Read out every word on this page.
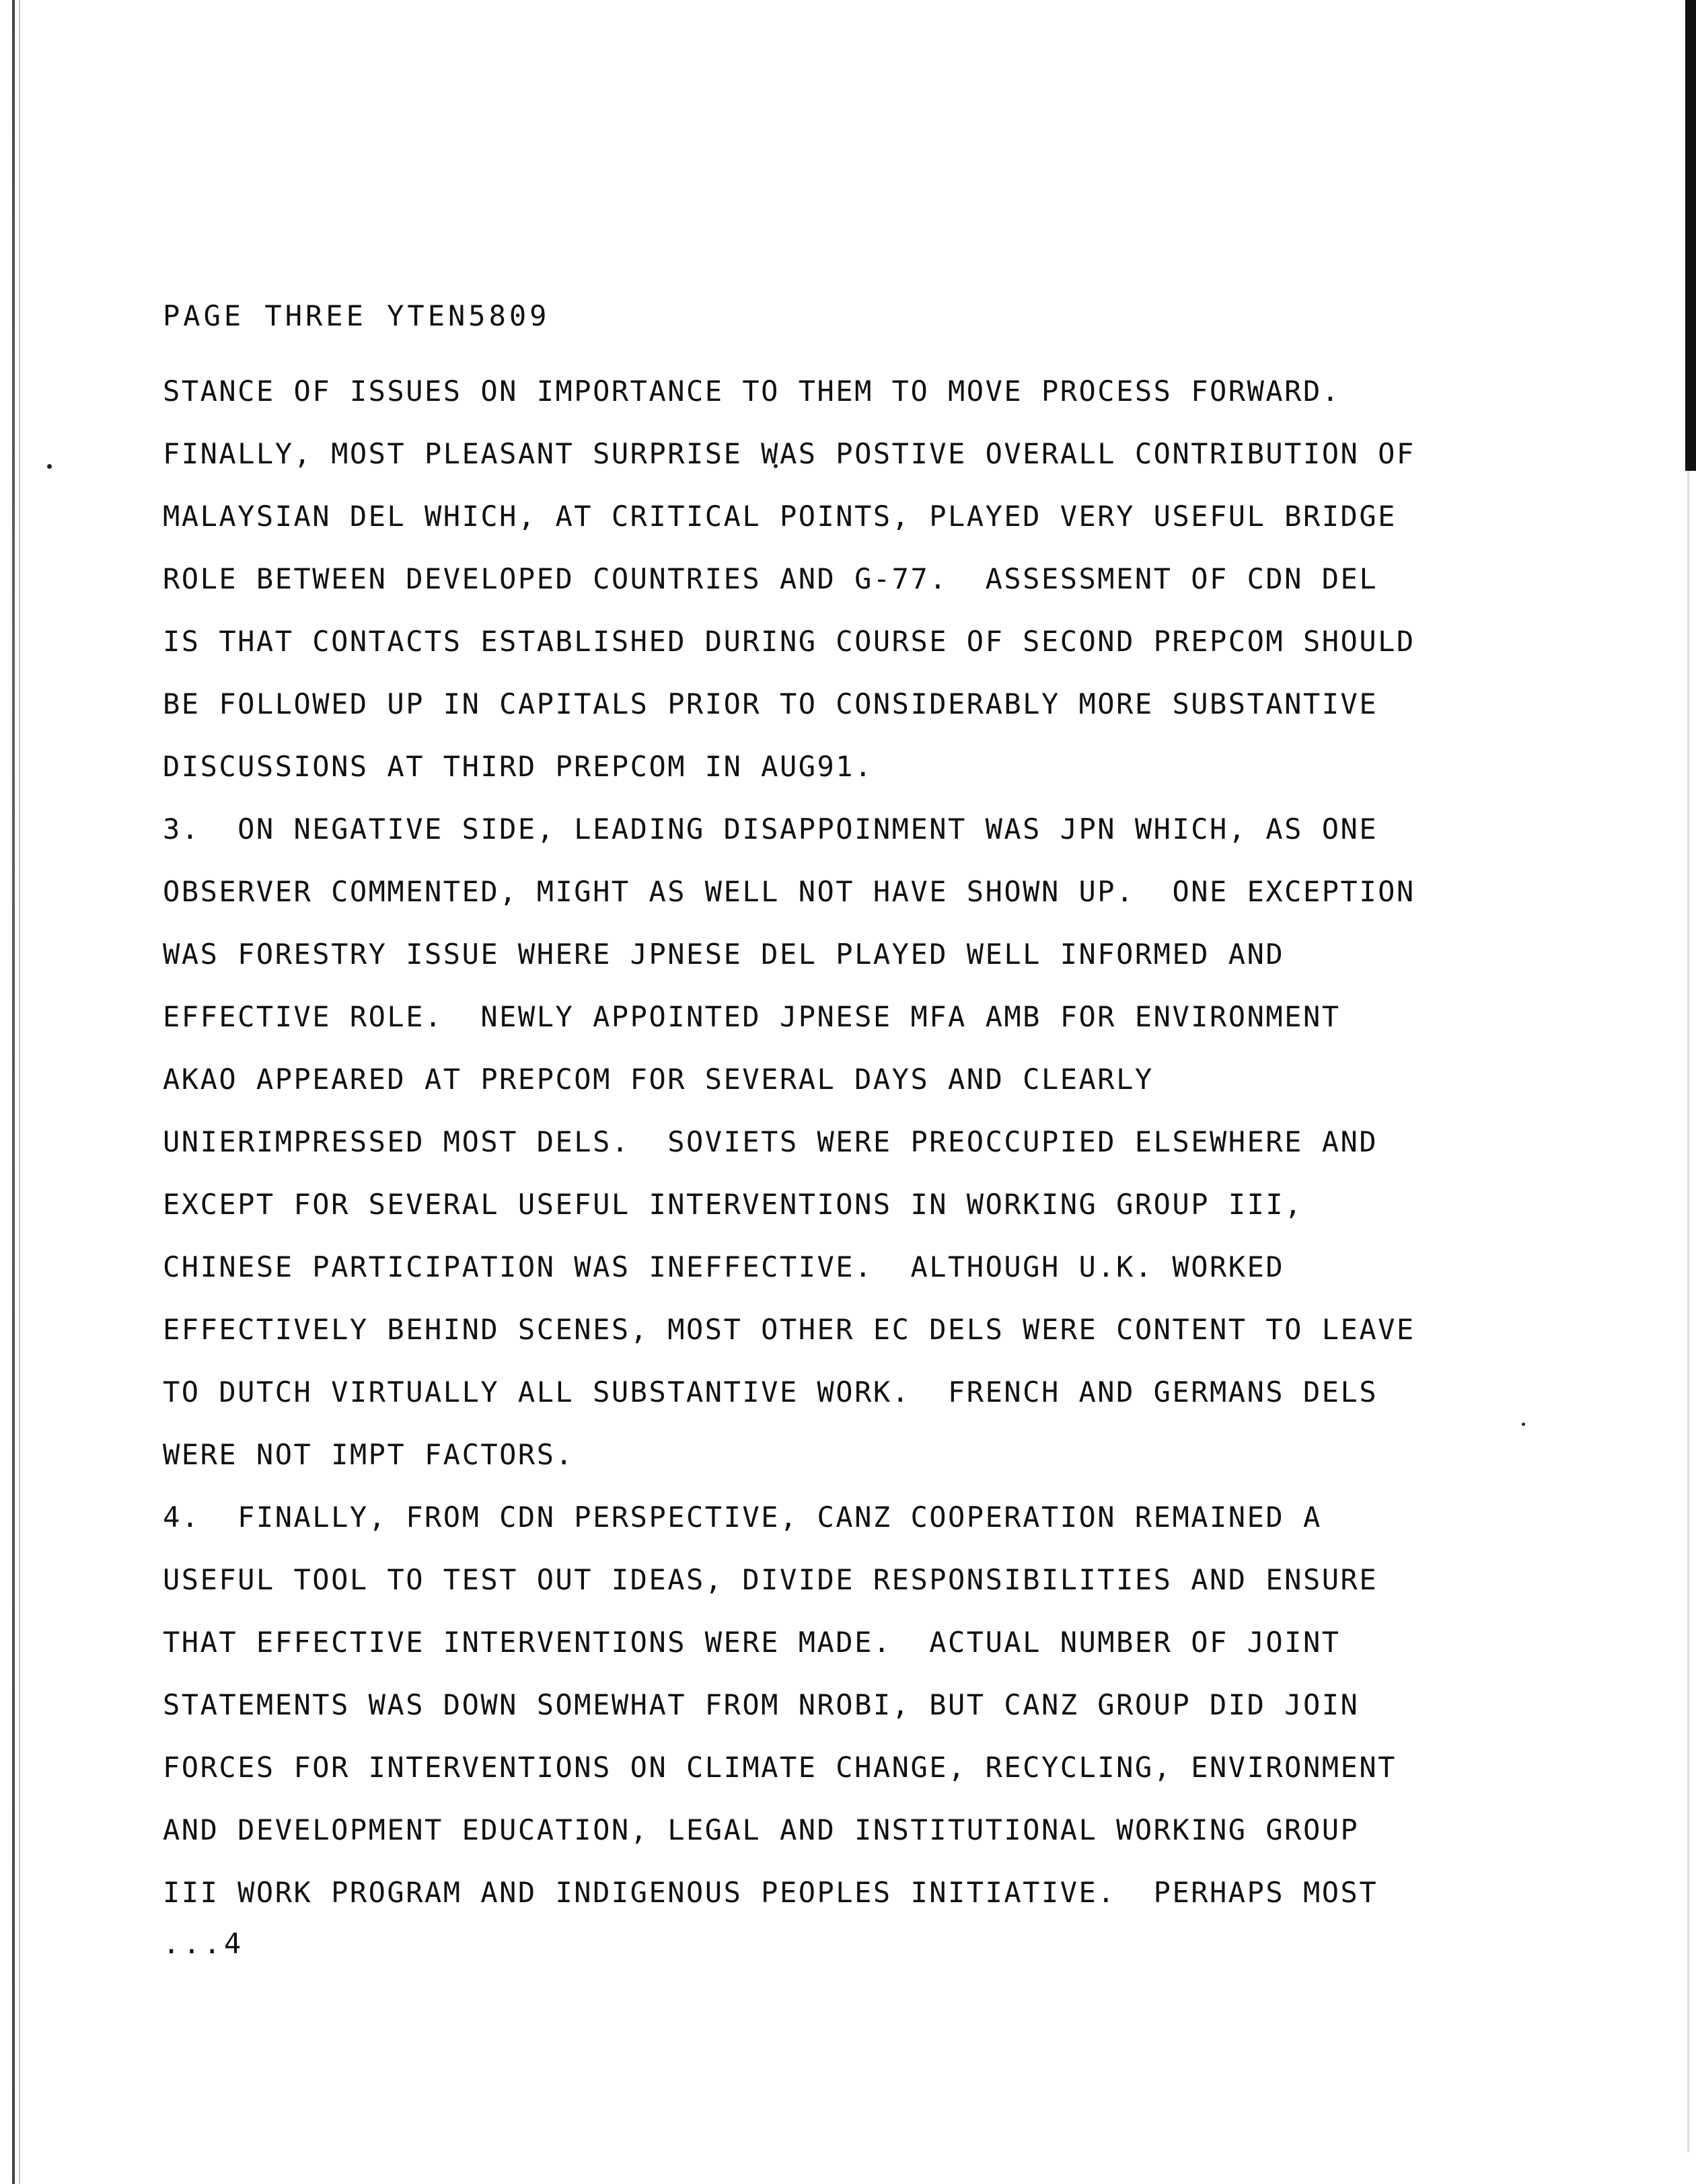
PAGE THREE YTEN5809
STANCE OF ISSUES ON IMPORTANCE TO THEM TO MOVE PROCESS FORWARD.
FINALLY, MOST PLEASANT SURPRISE WAS POSTIVE OVERALL CONTRIBUTION OF
MALAYSIAN DEL WHICH, AT CRITICAL POINTS, PLAYED VERY USEFUL BRIDGE
ROLE BETWEEN DEVELOPED COUNTRIES AND G-77.  ASSESSMENT OF CDN DEL
IS THAT CONTACTS ESTABLISHED DURING COURSE OF SECOND PREPCOM SHOULD
BE FOLLOWED UP IN CAPITALS PRIOR TO CONSIDERABLY MORE SUBSTANTIVE
DISCUSSIONS AT THIRD PREPCOM IN AUG91.
3.  ON NEGATIVE SIDE, LEADING DISAPPOINMENT WAS JPN WHICH, AS ONE
OBSERVER COMMENTED, MIGHT AS WELL NOT HAVE SHOWN UP.  ONE EXCEPTION
WAS FORESTRY ISSUE WHERE JPNESE DEL PLAYED WELL INFORMED AND
EFFECTIVE ROLE.  NEWLY APPOINTED JPNESE MFA AMB FOR ENVIRONMENT
AKAO APPEARED AT PREPCOM FOR SEVERAL DAYS AND CLEARLY
UNIERIMPRESSED MOST DELS.  SOVIETS WERE PREOCCUPIED ELSEWHERE AND
EXCEPT FOR SEVERAL USEFUL INTERVENTIONS IN WORKING GROUP III,
CHINESE PARTICIPATION WAS INEFFECTIVE.  ALTHOUGH U.K. WORKED
EFFECTIVELY BEHIND SCENES, MOST OTHER EC DELS WERE CONTENT TO LEAVE
TO DUTCH VIRTUALLY ALL SUBSTANTIVE WORK.  FRENCH AND GERMANS DELS
WERE NOT IMPT FACTORS.
4.  FINALLY, FROM CDN PERSPECTIVE, CANZ COOPERATION REMAINED A
USEFUL TOOL TO TEST OUT IDEAS, DIVIDE RESPONSIBILITIES AND ENSURE
THAT EFFECTIVE INTERVENTIONS WERE MADE.  ACTUAL NUMBER OF JOINT
STATEMENTS WAS DOWN SOMEWHAT FROM NROBI, BUT CANZ GROUP DID JOIN
FORCES FOR INTERVENTIONS ON CLIMATE CHANGE, RECYCLING, ENVIRONMENT
AND DEVELOPMENT EDUCATION, LEGAL AND INSTITUTIONAL WORKING GROUP
III WORK PROGRAM AND INDIGENOUS PEOPLES INITIATIVE.  PERHAPS MOST
...4
